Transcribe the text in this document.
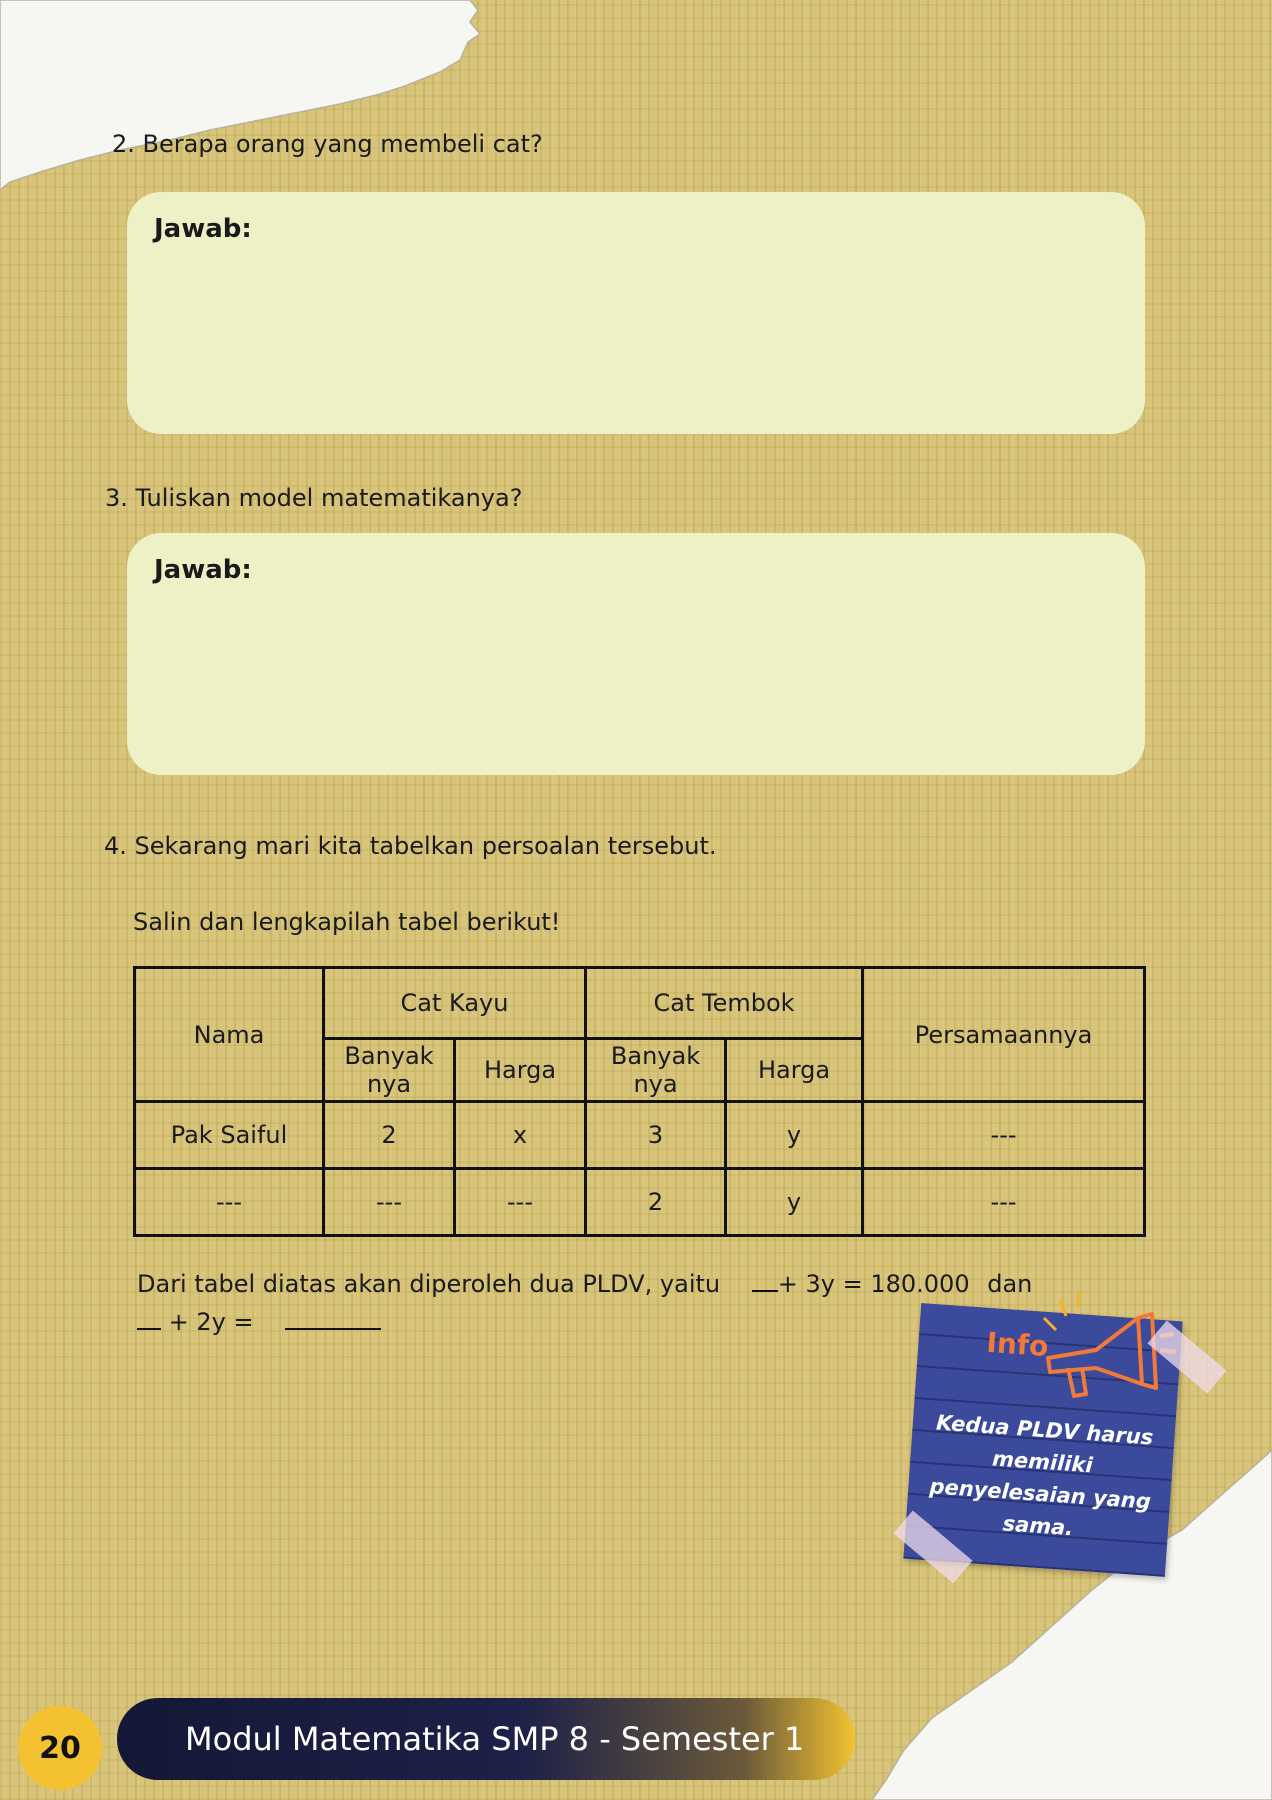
2. Berapa orang yang membeli cat?

Jawab:

3. Tuliskan model matematikanya?

Jawab:

4. Sekarang mari kita tabelkan persoalan tersebut.

Salin dan lengkapilah tabel berikut!

Nama	Cat Kayu		Cat Tembok		Persamaannya
	Banyak nya	Harga	Banyak nya	Harga	
Pak Saiful	2	x	3	y	---
---	---	---	2	y	---
Dari tabel diatas akan diperoleh dua PLDV, yaitu + 3y = 180.000 dan
+ 2y =
Info
Kedua PLDV harus memiliki penyelesaian yang sama.
20	Modul Matematika SMP 8 - Semester 1
